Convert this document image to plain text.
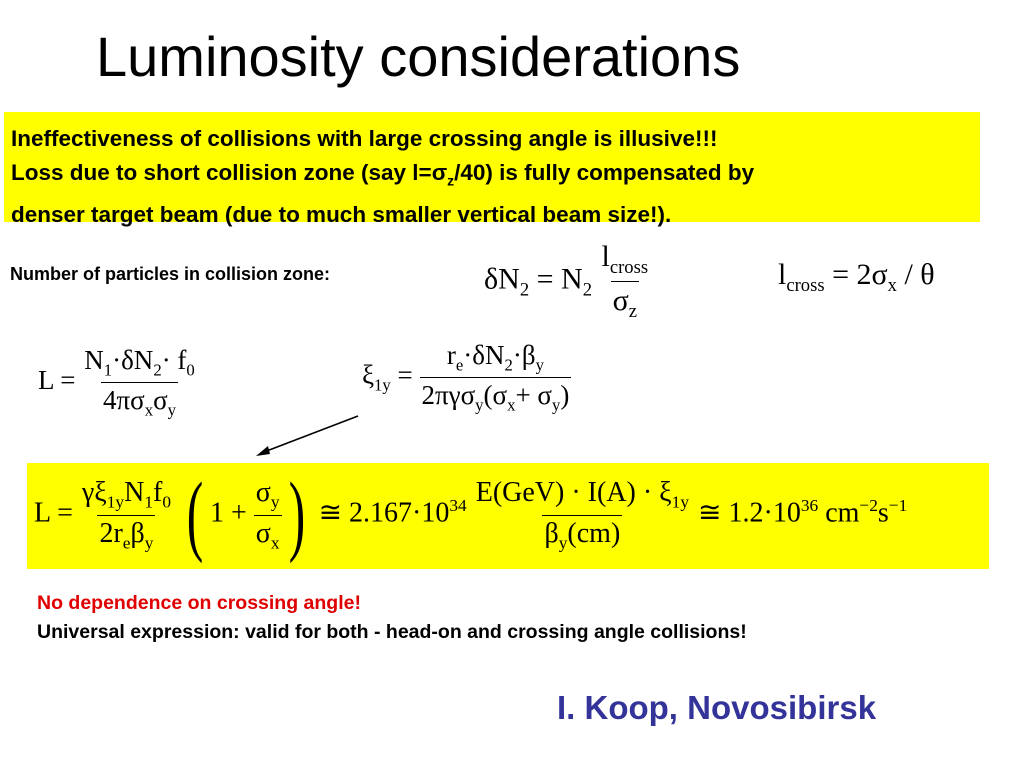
Luminosity considerations
Ineffectiveness of collisions with large crossing angle is illusive!!!
Loss due to short collision zone (say $l=\sigma_z/40$) is fully compensated by
denser target beam (due to much smaller vertical beam size!).
Number of particles in collision zone:	$\delta N_2 = N_2 \frac{l_{cross}}{\sigma_z}$	$l_{cross} = 2\sigma_x / \theta$
$L = \frac{N_1\cdot\delta N_2\cdot f_0}{4\pi\sigma_x\sigma_y}$	$\xi_{1y} = \frac{r_e\cdot\delta N_2\cdot\beta_y}{2\pi\gamma\sigma_y(\sigma_x+ \sigma_y)}$
$L = \frac{\gamma\xi_{1y}N_1f_0}{2r_e\beta_y}$ ( $1 + \frac{\sigma_y}{\sigma_x}$ ) ≅ $2.167\cdot 10^{34} \frac{E(GeV) \cdot I(A) \cdot \xi_{1y}}{\beta_y(cm)}$ ≅ $1.2\cdot 10^{36}$ $cm^{-2}s^{-1}$
No dependence on crossing angle!
Universal expression: valid for both - head-on and crossing angle collisions!
I. Koop, Novosibirsk
